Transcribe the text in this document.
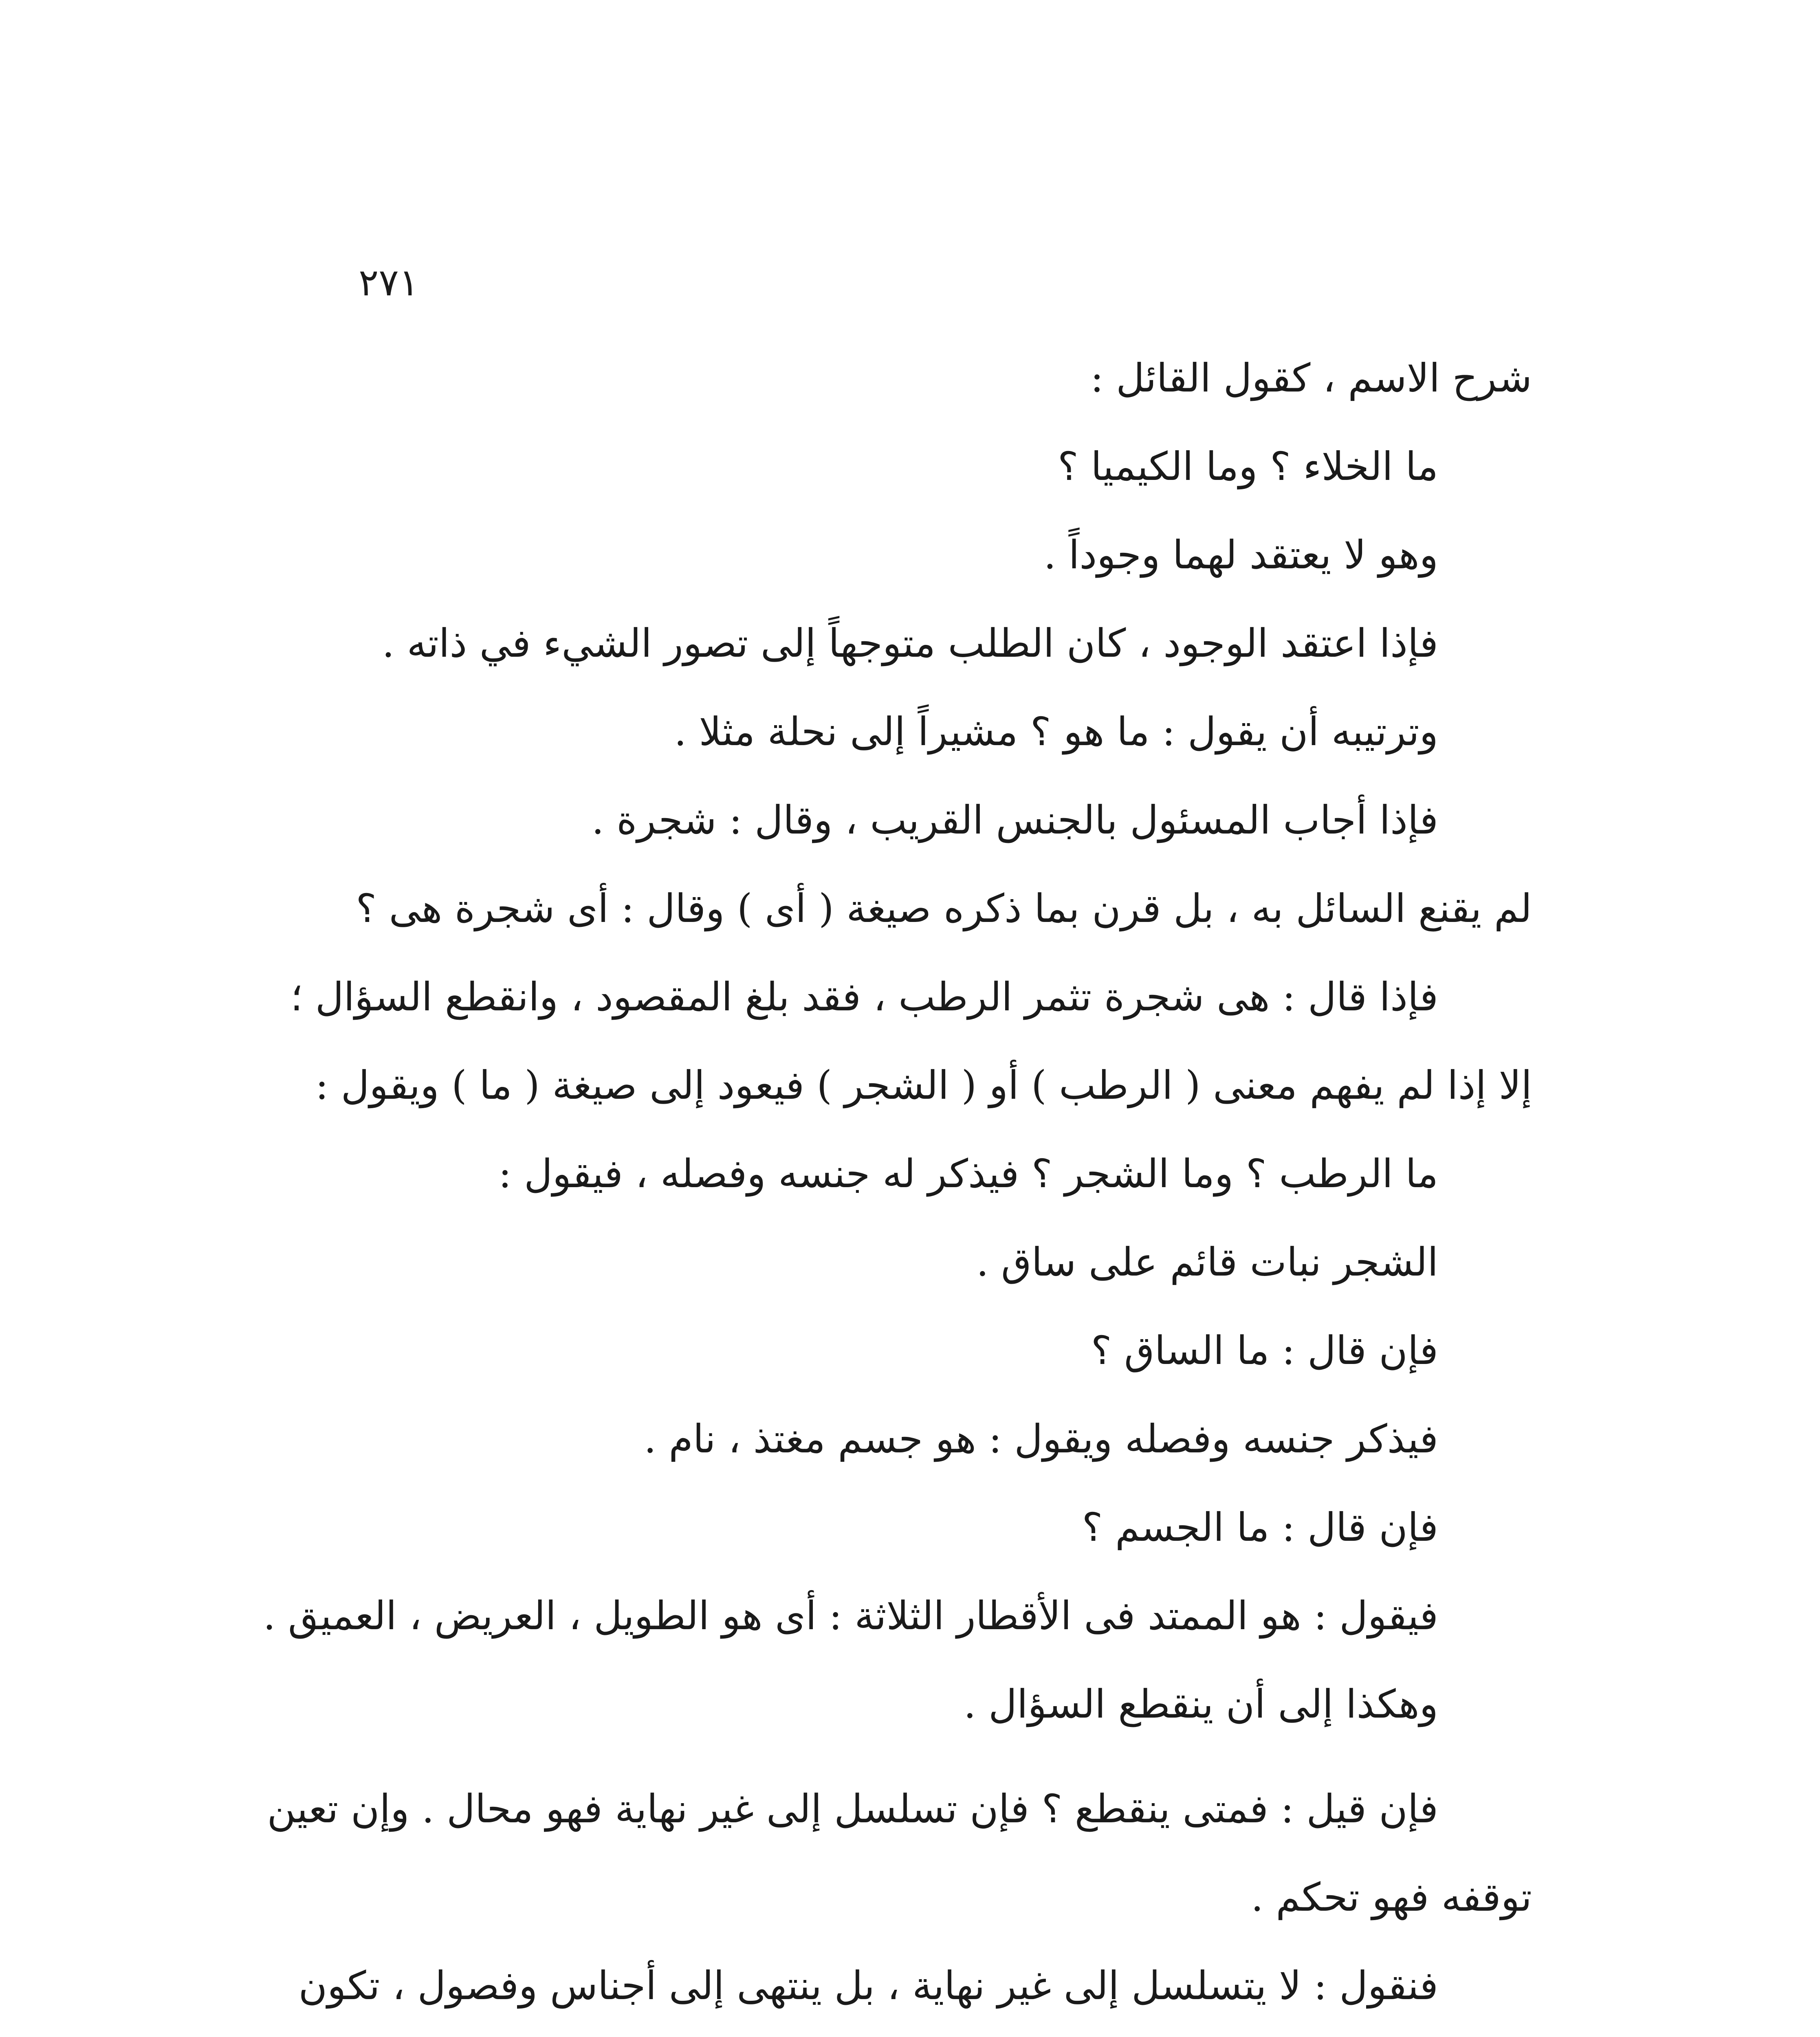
٢٧١
شرح الاسم ، كقول القائل :
ما الخلاء ؟ وما الكيميا ؟
وهو لا يعتقد لهما وجوداً .
فإذا اعتقد الوجود ، كان الطلب متوجهاً إلى تصور الشيء في ذاته .
وترتيبه أن يقول : ما هو ؟ مشيراً إلى نحلة مثلا .
فإذا أجاب المسئول بالجنس القريب ، وقال : شجرة .
لم يقنع السائل به ، بل قرن بما ذكره صيغة ( أى ) وقال : أى شجرة هى ؟
فإذا قال : هى شجرة تثمر الرطب ، فقد بلغ المقصود ، وانقطع السؤال ؛
إلا إذا لم يفهم معنى ( الرطب ) أو ( الشجر ) فيعود إلى صيغة ( ما ) ويقول :
ما الرطب ؟ وما الشجر ؟ فيذكر له جنسه وفصله ، فيقول :
الشجر نبات قائم على ساق .
فإن قال : ما الساق ؟
فيذكر جنسه وفصله ويقول : هو جسم مغتذ ، نام .
فإن قال : ما الجسم ؟
فيقول : هو الممتد فى الأقطار الثلاثة : أى هو الطويل ، العريض ، العميق .
وهكذا إلى أن ينقطع السؤال .
فإن قيل : فمتى ينقطع ؟ فإن تسلسل إلى غير نهاية فهو محال . وإن تعين
توقفه فهو تحكم .
فنقول : لا يتسلسل إلى غير نهاية ، بل ينتهى إلى أجناس وفصول ، تكون
